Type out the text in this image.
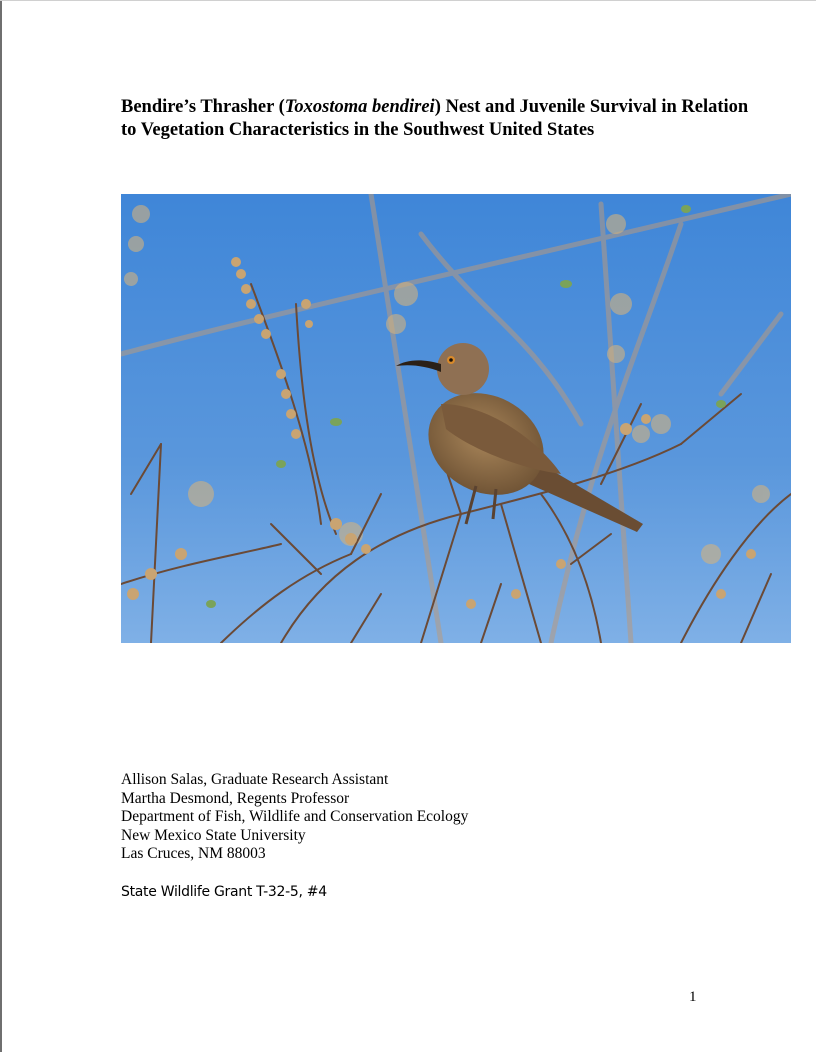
Bendire’s Thrasher (Toxostoma bendirei) Nest and Juvenile Survival in Relation to Vegetation Characteristics in the Southwest United States
Allison Salas, Graduate Research Assistant
Martha Desmond, Regents Professor
Department of Fish, Wildlife and Conservation Ecology
New Mexico State University
Las Cruces, NM 88003
State Wildlife Grant T-32-5, #4
1
